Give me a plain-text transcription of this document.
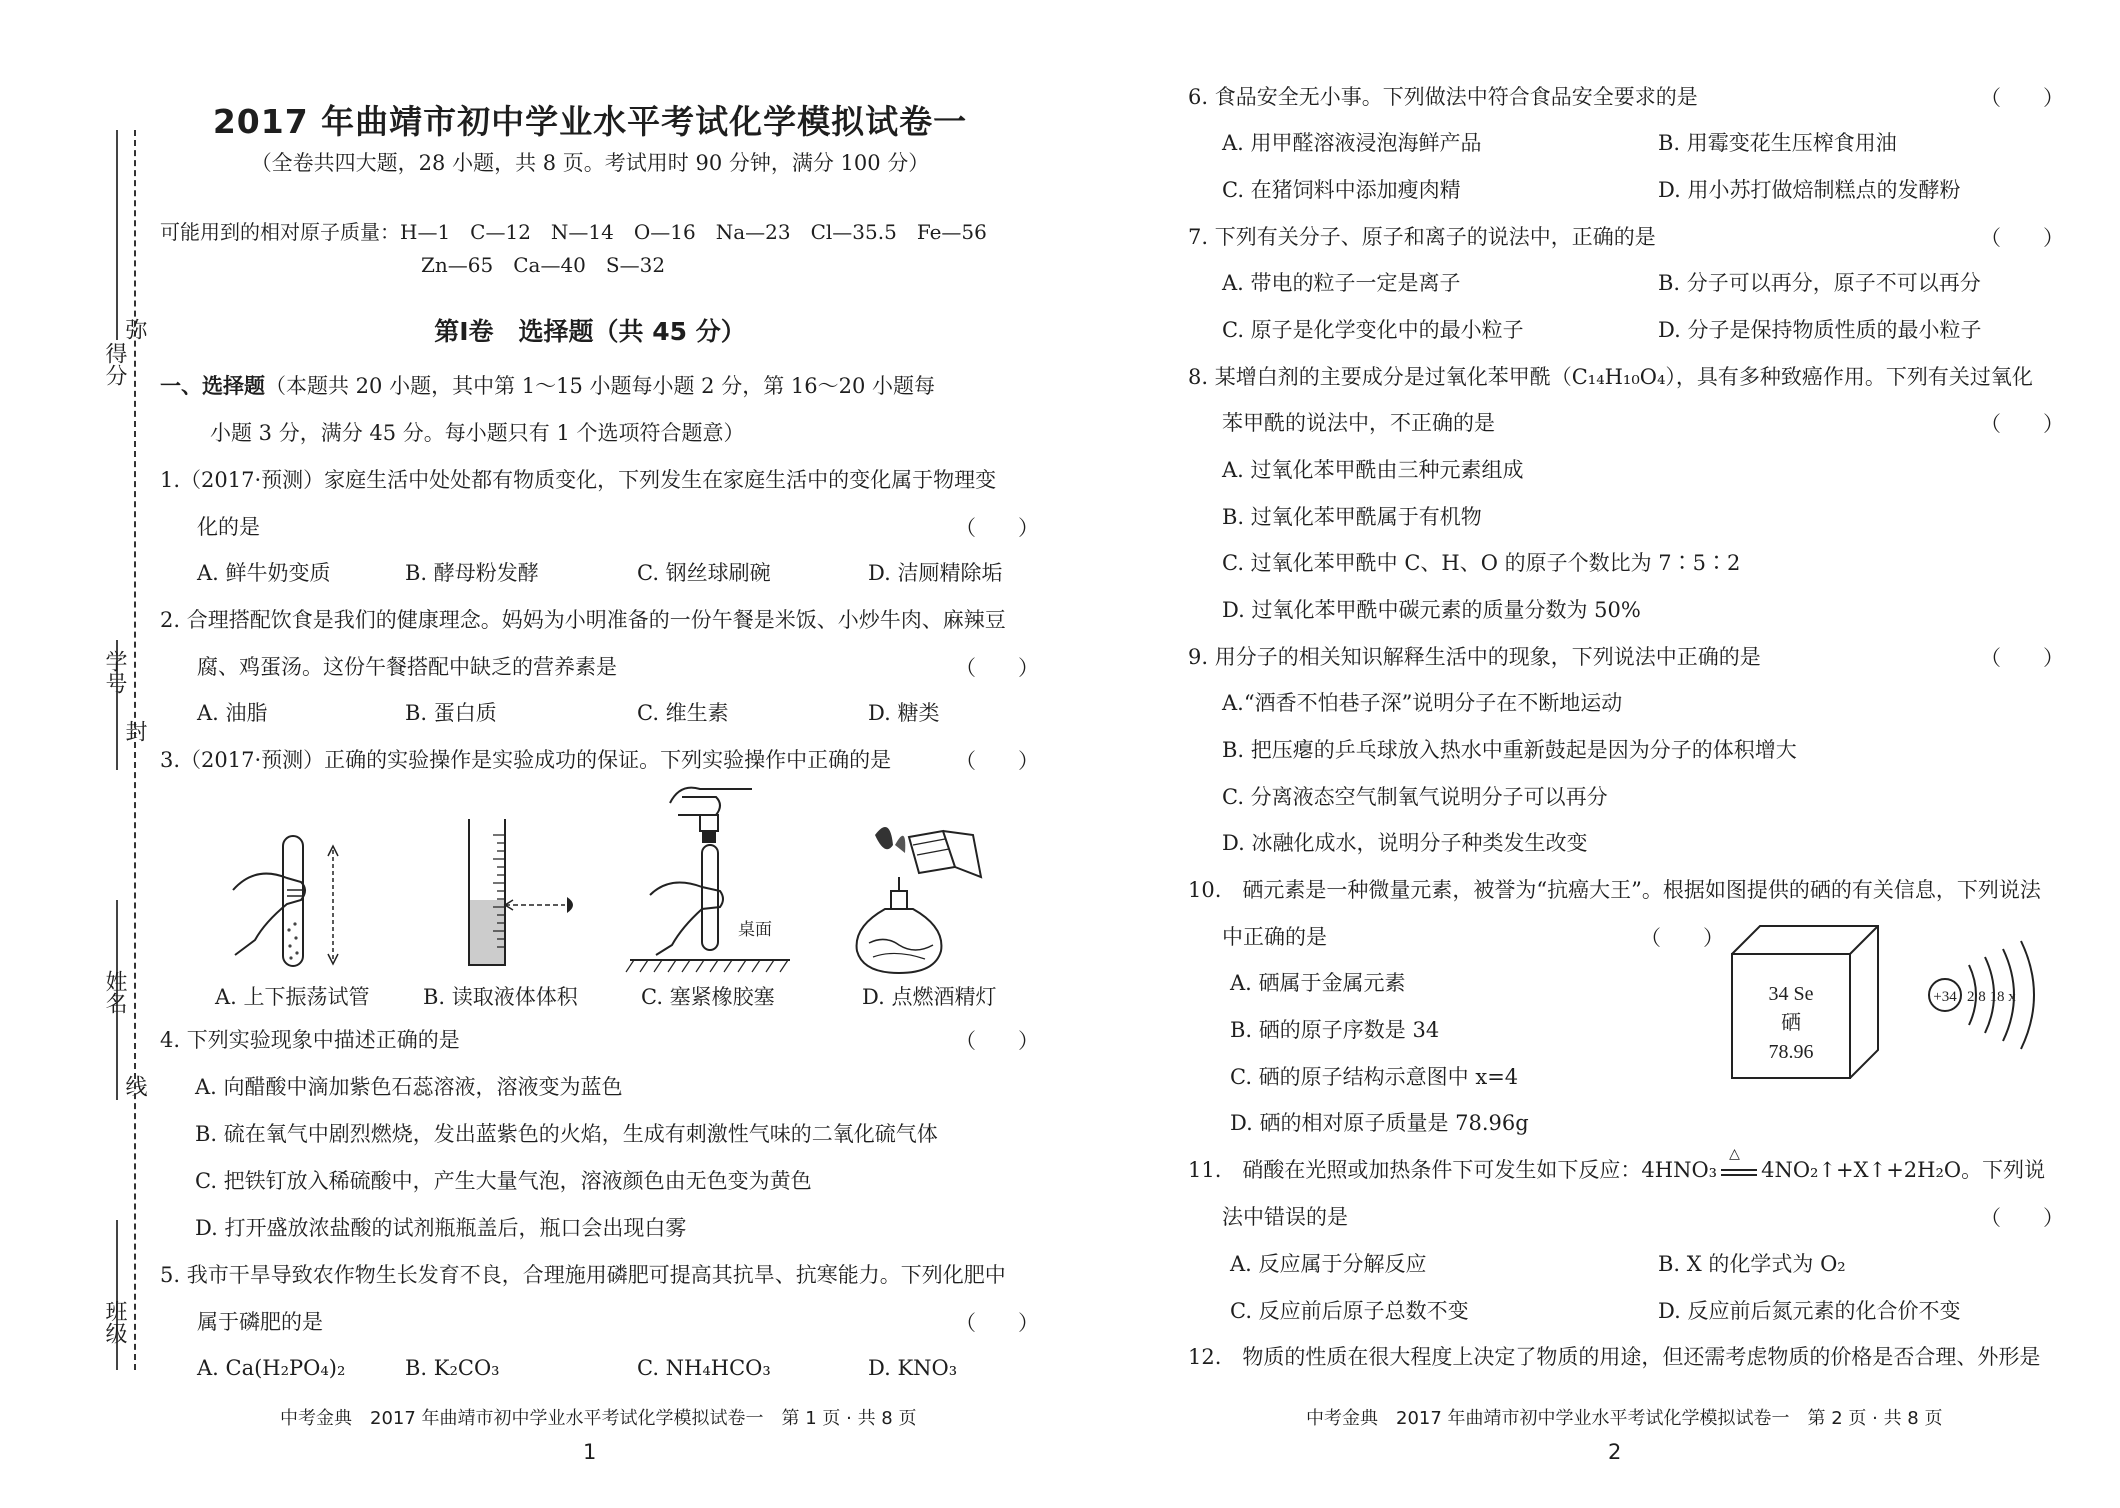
得分
弥
学号
封
姓名
线
班级
2017 年曲靖市初中学业水平考试化学模拟试卷一
（全卷共四大题，28 小题，共 8 页。考试用时 90 分钟，满分 100 分）
可能用到的相对原子质量：H—1　C—12　N—14　O—16　Na—23　Cl—35.5　Fe—56
Zn—65　Ca—40　S—32
第Ⅰ卷　选择题（共 45 分）
一、选择题（本题共 20 小题，其中第 1～15 小题每小题 2 分，第 16～20 小题每
小题 3 分，满分 45 分。每小题只有 1 个选项符合题意）
1.（2017·预测）家庭生活中处处都有物质变化，下列发生在家庭生活中的变化属于物理变
化的是	（　　）
A. 鲜牛奶变质	B. 酵母粉发酵	C. 钢丝球刷碗	D. 洁厕精除垢
2. 合理搭配饮食是我们的健康理念。妈妈为小明准备的一份午餐是米饭、小炒牛肉、麻辣豆
腐、鸡蛋汤。这份午餐搭配中缺乏的营养素是	（　　）
A. 油脂	B. 蛋白质	C. 维生素	D. 糖类
3.（2017·预测）正确的实验操作是实验成功的保证。下列实验操作中正确的是	（　　）
桌面
A. 上下振荡试管	B. 读取液体体积	C. 塞紧橡胶塞	D. 点燃酒精灯
4. 下列实验现象中描述正确的是	（　　）
A. 向醋酸中滴加紫色石蕊溶液，溶液变为蓝色
B. 硫在氧气中剧烈燃烧，发出蓝紫色的火焰，生成有刺激性气味的二氧化硫气体
C. 把铁钉放入稀硫酸中，产生大量气泡，溶液颜色由无色变为黄色
D. 打开盛放浓盐酸的试剂瓶瓶盖后，瓶口会出现白雾
5. 我市干旱导致农作物生长发育不良，合理施用磷肥可提高其抗旱、抗寒能力。下列化肥中
属于磷肥的是	（　　）
A. Ca(H₂PO₄)₂	B. K₂CO₃	C. NH₄HCO₃	D. KNO₃
中考金典　2017 年曲靖市初中学业水平考试化学模拟试卷一　第 1 页 · 共 8 页
1
6. 食品安全无小事。下列做法中符合食品安全要求的是	（　　）
A. 用甲醛溶液浸泡海鲜产品	B. 用霉变花生压榨食用油
C. 在猪饲料中添加瘦肉精	D. 用小苏打做焙制糕点的发酵粉
7. 下列有关分子、原子和离子的说法中，正确的是	（　　）
A. 带电的粒子一定是离子	B. 分子可以再分，原子不可以再分
C. 原子是化学变化中的最小粒子	D. 分子是保持物质性质的最小粒子
8. 某增白剂的主要成分是过氧化苯甲酰（C₁₄H₁₀O₄），具有多种致癌作用。下列有关过氧化
苯甲酰的说法中，不正确的是	（　　）
A. 过氧化苯甲酰由三种元素组成
B. 过氧化苯甲酰属于有机物
C. 过氧化苯甲酰中 C、H、O 的原子个数比为 7∶5∶2
D. 过氧化苯甲酰中碳元素的质量分数为 50%
9. 用分子的相关知识解释生活中的现象，下列说法中正确的是	（　　）
A.“酒香不怕巷子深”说明分子在不断地运动
B. 把压瘪的乒乓球放入热水中重新鼓起是因为分子的体积增大
C. 分离液态空气制氧气说明分子可以再分
D. 冰融化成水，说明分子种类发生改变
10.　硒元素是一种微量元素，被誉为“抗癌大王”。根据如图提供的硒的有关信息，下列说法
中正确的是	（　　）
A. 硒属于金属元素
B. 硒的原子序数是 34
C. 硒的原子结构示意图中 x=4
D. 硒的相对原子质量是 78.96g
34 Se
硒
78.96
+34 2 8 18 x
11.　硝酸在光照或加热条件下可发生如下反应：4HNO₃
△
4NO₂↑+X↑+2H₂O。下列说
法中错误的是	（　　）
A. 反应属于分解反应	B. X 的化学式为 O₂
C. 反应前后原子总数不变	D. 反应前后氮元素的化合价不变
12.　物质的性质在很大程度上决定了物质的用途，但还需考虑物质的价格是否合理、外形是
中考金典　2017 年曲靖市初中学业水平考试化学模拟试卷一　第 2 页 · 共 8 页
2
